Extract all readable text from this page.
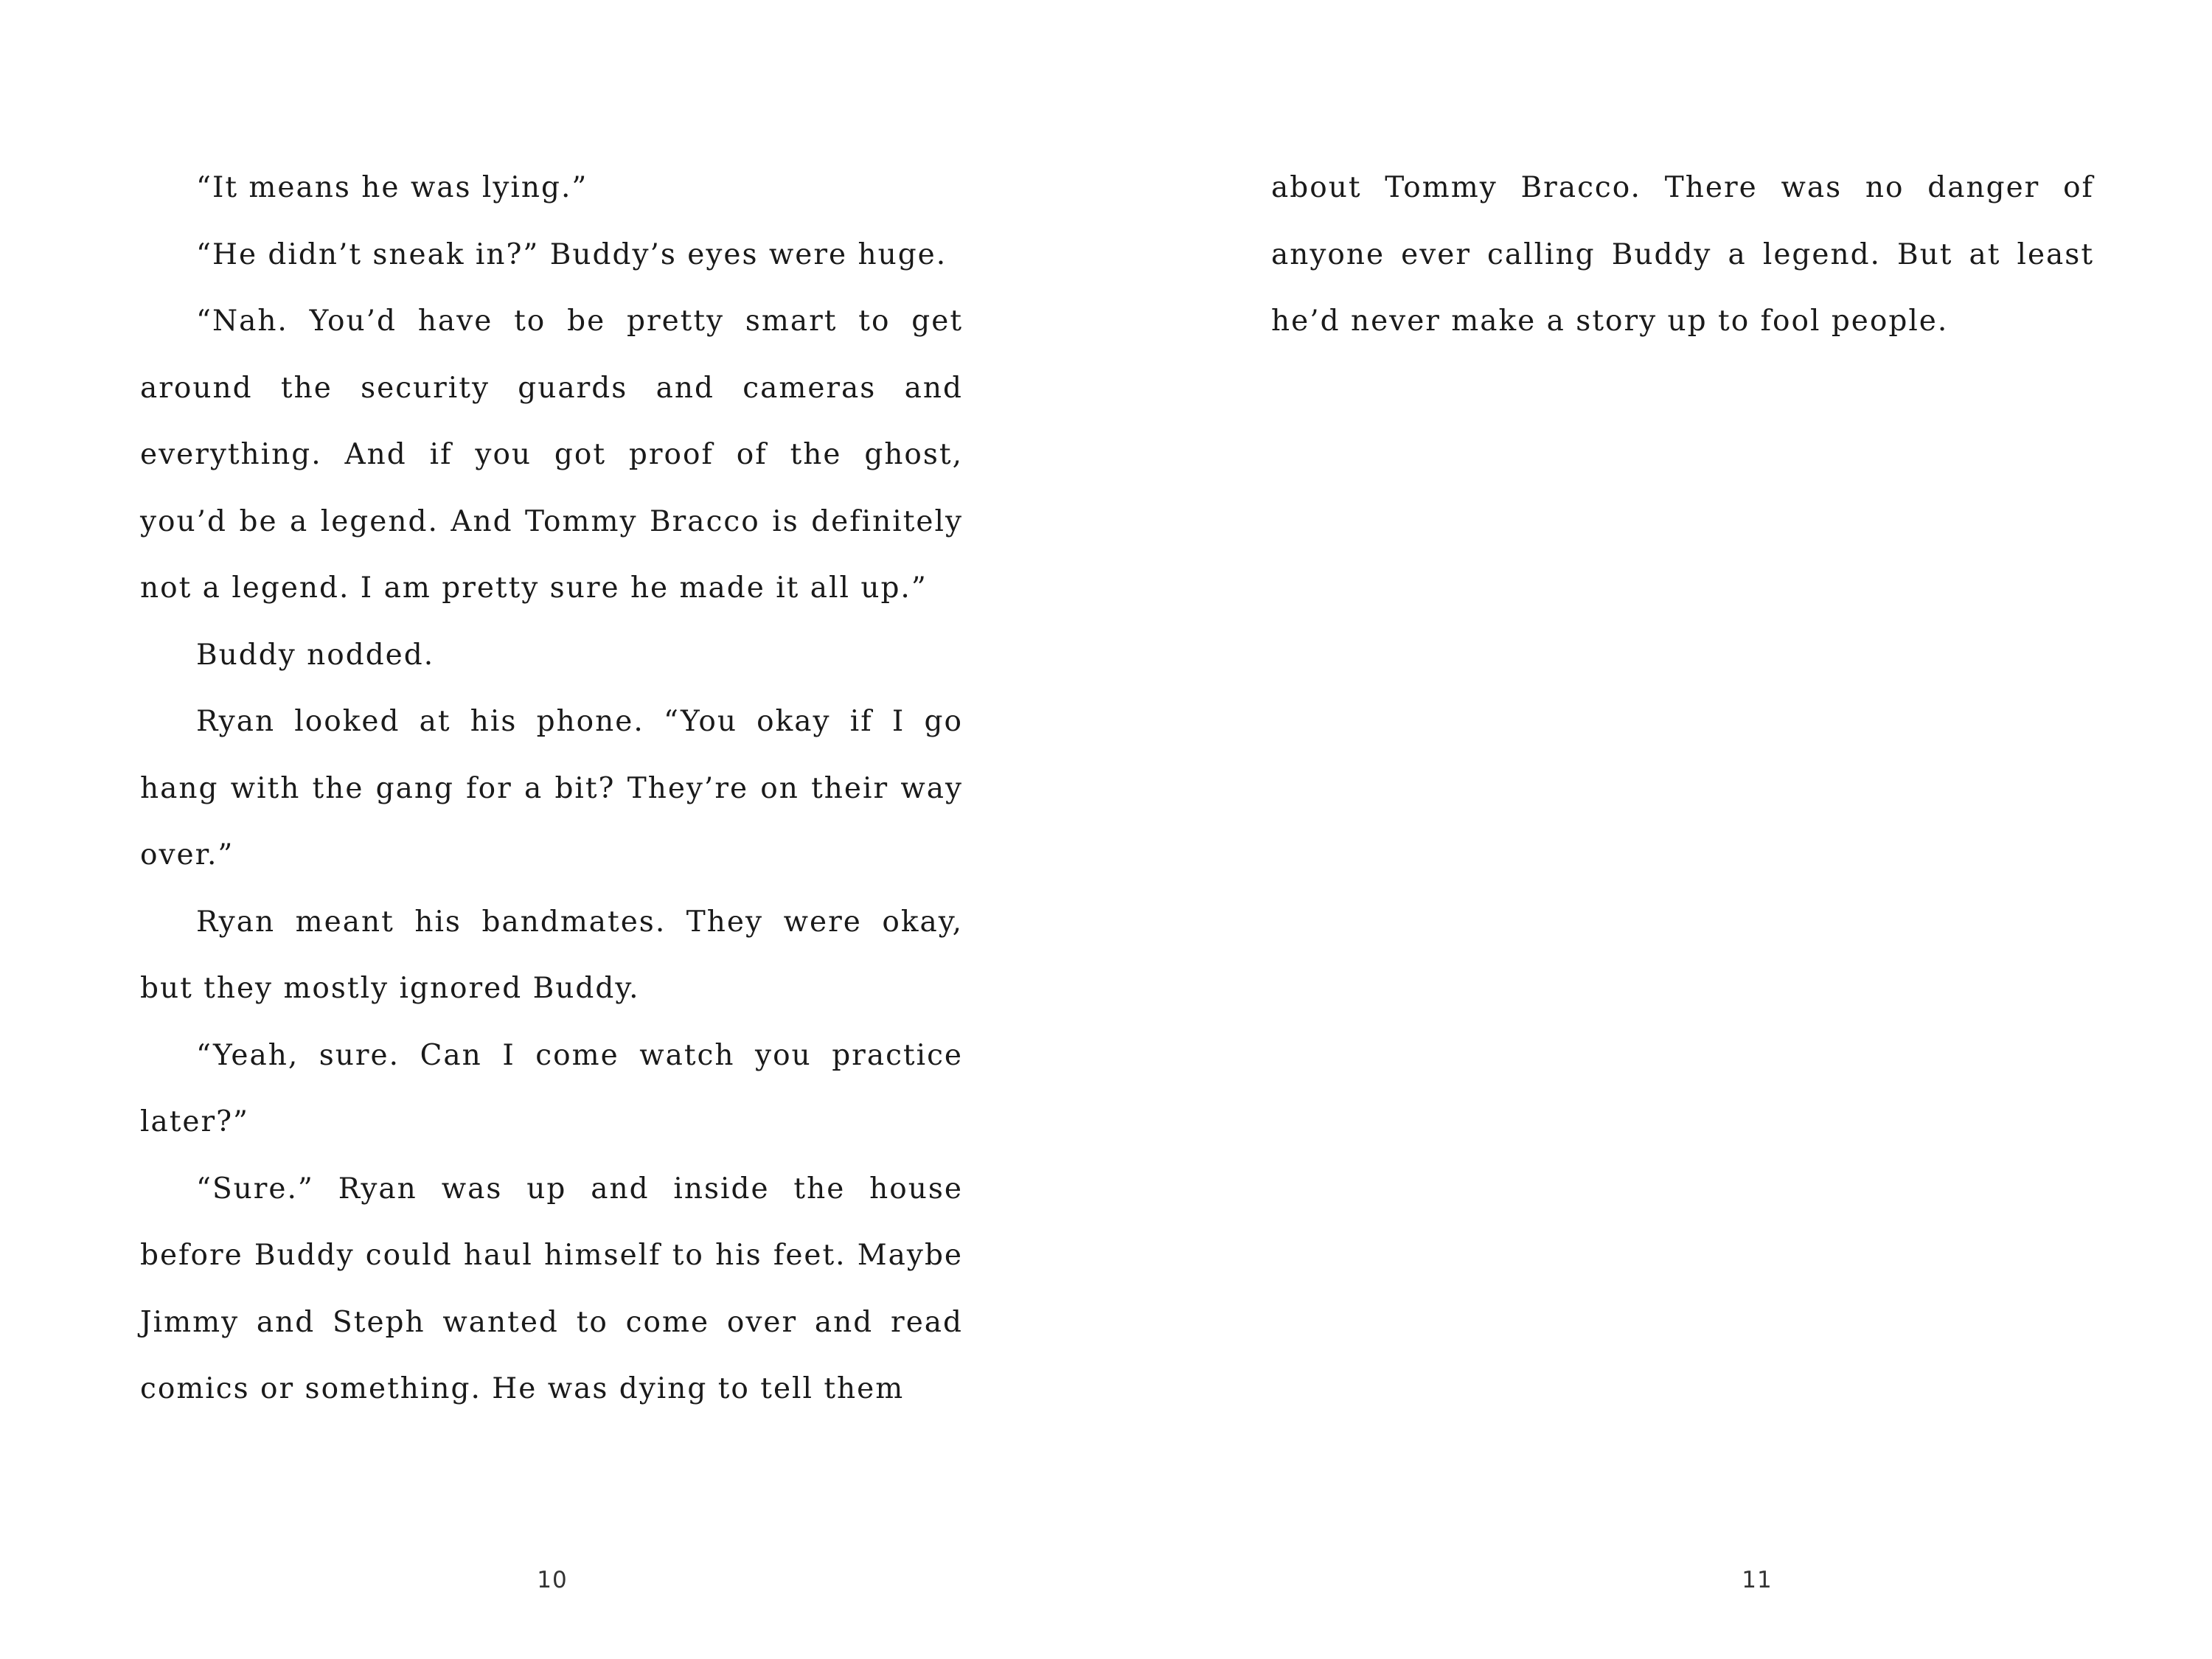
“It means he was lying.”

“He didn’t sneak in?” Buddy’s eyes were huge.

“Nah. You’d have to be pretty smart to get around the security guards and cameras and everything. And if you got proof of the ghost, you’d be a legend. And Tommy Bracco is definitely not a legend. I am pretty sure he made it all up.”

Buddy nodded.

Ryan looked at his phone. “You okay if I go hang with the gang for a bit? They’re on their way over.”

Ryan meant his bandmates. They were okay, but they mostly ignored Buddy.

“Yeah, sure. Can I come watch you practice later?”

“Sure.” Ryan was up and inside the house before Buddy could haul himself to his feet. Maybe Jimmy and Steph wanted to come over and read comics or something. He was dying to tell them

10

about Tommy Bracco. There was no danger of anyone ever calling Buddy a legend. But at least he’d never make a story up to fool people.

11
